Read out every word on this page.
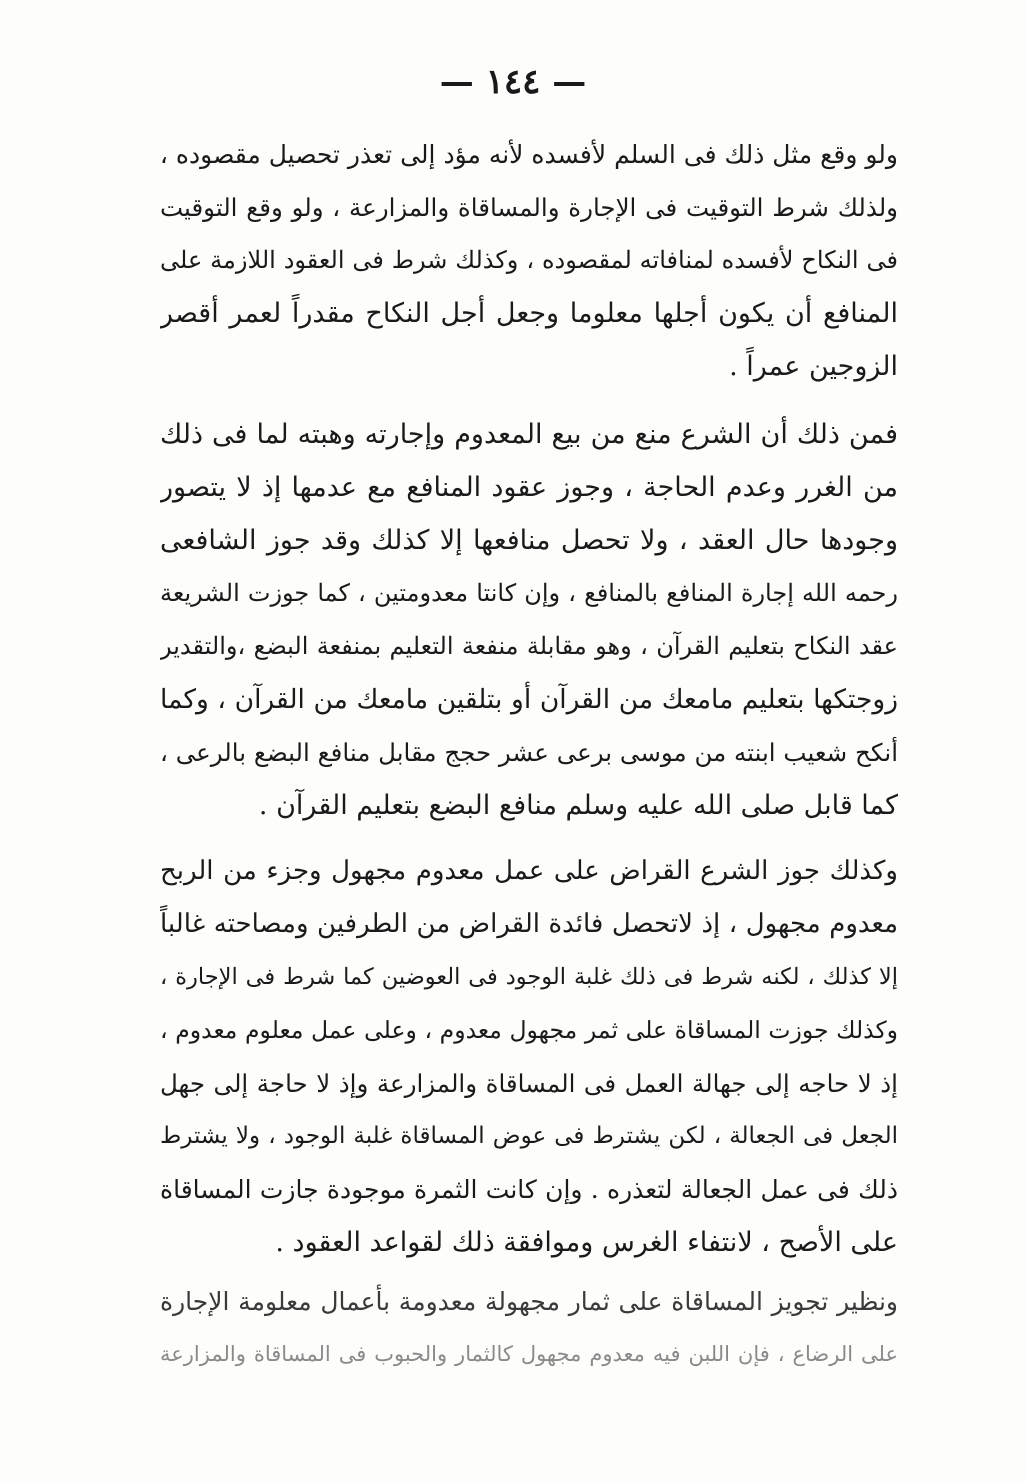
— ١٤٤ —
ولو وقع مثل ذلك فى السلم لأفسده لأنه مؤد إلى تعذر تحصيل مقصوده ،
ولذلك شرط التوقيت فى الإجارة والمساقاة والمزارعة ، ولو وقع التوقيت
فى النكاح لأفسده لمنافاته لمقصوده ، وكذلك شرط فى العقود اللازمة على
المنافع أن يكون أجلها معلوما وجعل أجل النكاح مقدراً لعمر أقصر
الزوجين عمراً .
فمن ذلك أن الشرع منع من بيع المعدوم وإجارته وهبته لما فى ذلك
من الغرر وعدم الحاجة ، وجوز عقود المنافع مع عدمها إذ لا يتصور
وجودها حال العقد ، ولا تحصل منافعها إلا كذلك وقد جوز الشافعى
رحمه الله إجارة المنافع بالمنافع ، وإن كانتا معدومتين ، كما جوزت الشريعة
عقد النكاح بتعليم القرآن ، وهو مقابلة منفعة التعليم بمنفعة البضع ،والتقدير
زوجتكها بتعليم مامعك من القرآن أو بتلقين مامعك من القرآن ، وكما
أنكح شعيب ابنته من موسى برعى عشر حجج مقابل منافع البضع بالرعى ،
كما قابل صلى الله عليه وسلم منافع البضع بتعليم القرآن .
وكذلك جوز الشرع القراض على عمل معدوم مجهول وجزء من الربح
معدوم مجهول ، إذ لاتحصل فائدة القراض من الطرفين ومصاحته غالباً
إلا كذلك ، لكنه شرط فى ذلك غلبة الوجود فى العوضين كما شرط فى الإجارة ،
وكذلك جوزت المساقاة على ثمر مجهول معدوم ، وعلى عمل معلوم معدوم ،
إذ لا حاجه إلى جهالة العمل فى المساقاة والمزارعة وإذ لا حاجة إلى جهل
الجعل فى الجعالة ، لكن يشترط فى عوض المساقاة غلبة الوجود ، ولا يشترط
ذلك فى عمل الجعالة لتعذره . وإن كانت الثمرة موجودة جازت المساقاة
على الأصح ، لانتفاء الغرس وموافقة ذلك لقواعد العقود .
ونظير تجويز المساقاة على ثمار مجهولة معدومة بأعمال معلومة الإجارة
على الرضاع ، فإن اللبن فيه معدوم مجهول كالثمار والحبوب فى المساقاة والمزارعة
